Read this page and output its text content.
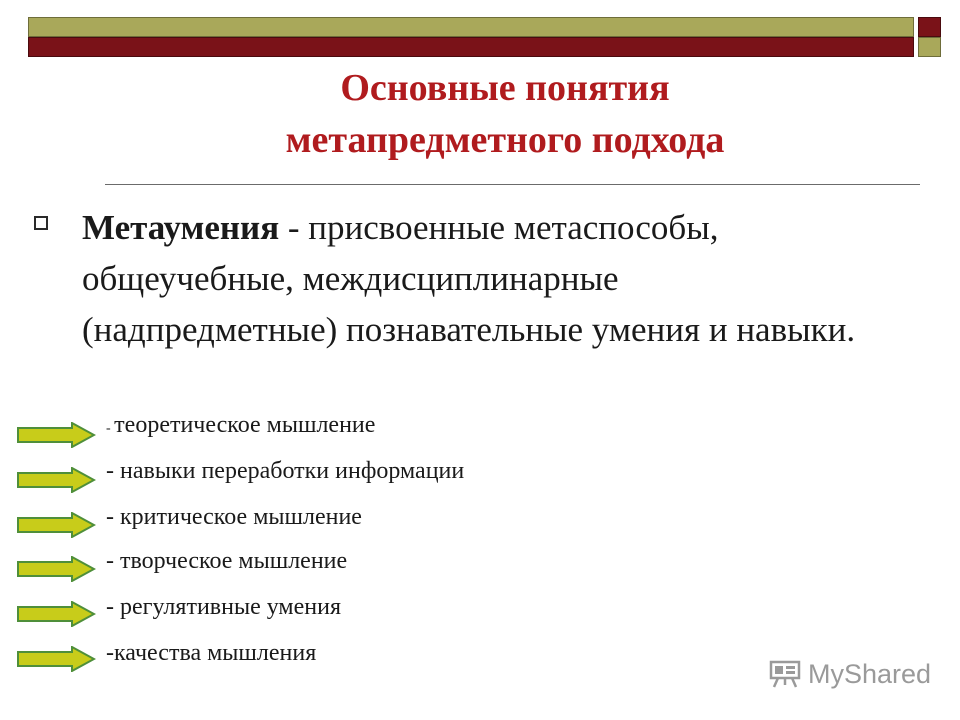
Основные понятия
метапредметного подхода
Метаумения - присвоенные метаспособы, общеучебные, междисциплинарные (надпредметные) познавательные умения и навыки.
- теоретическое мышление
- навыки переработки информации
- критическое мышление
- творческое мышление
- регулятивные умения
-качества мышления
MyShared
